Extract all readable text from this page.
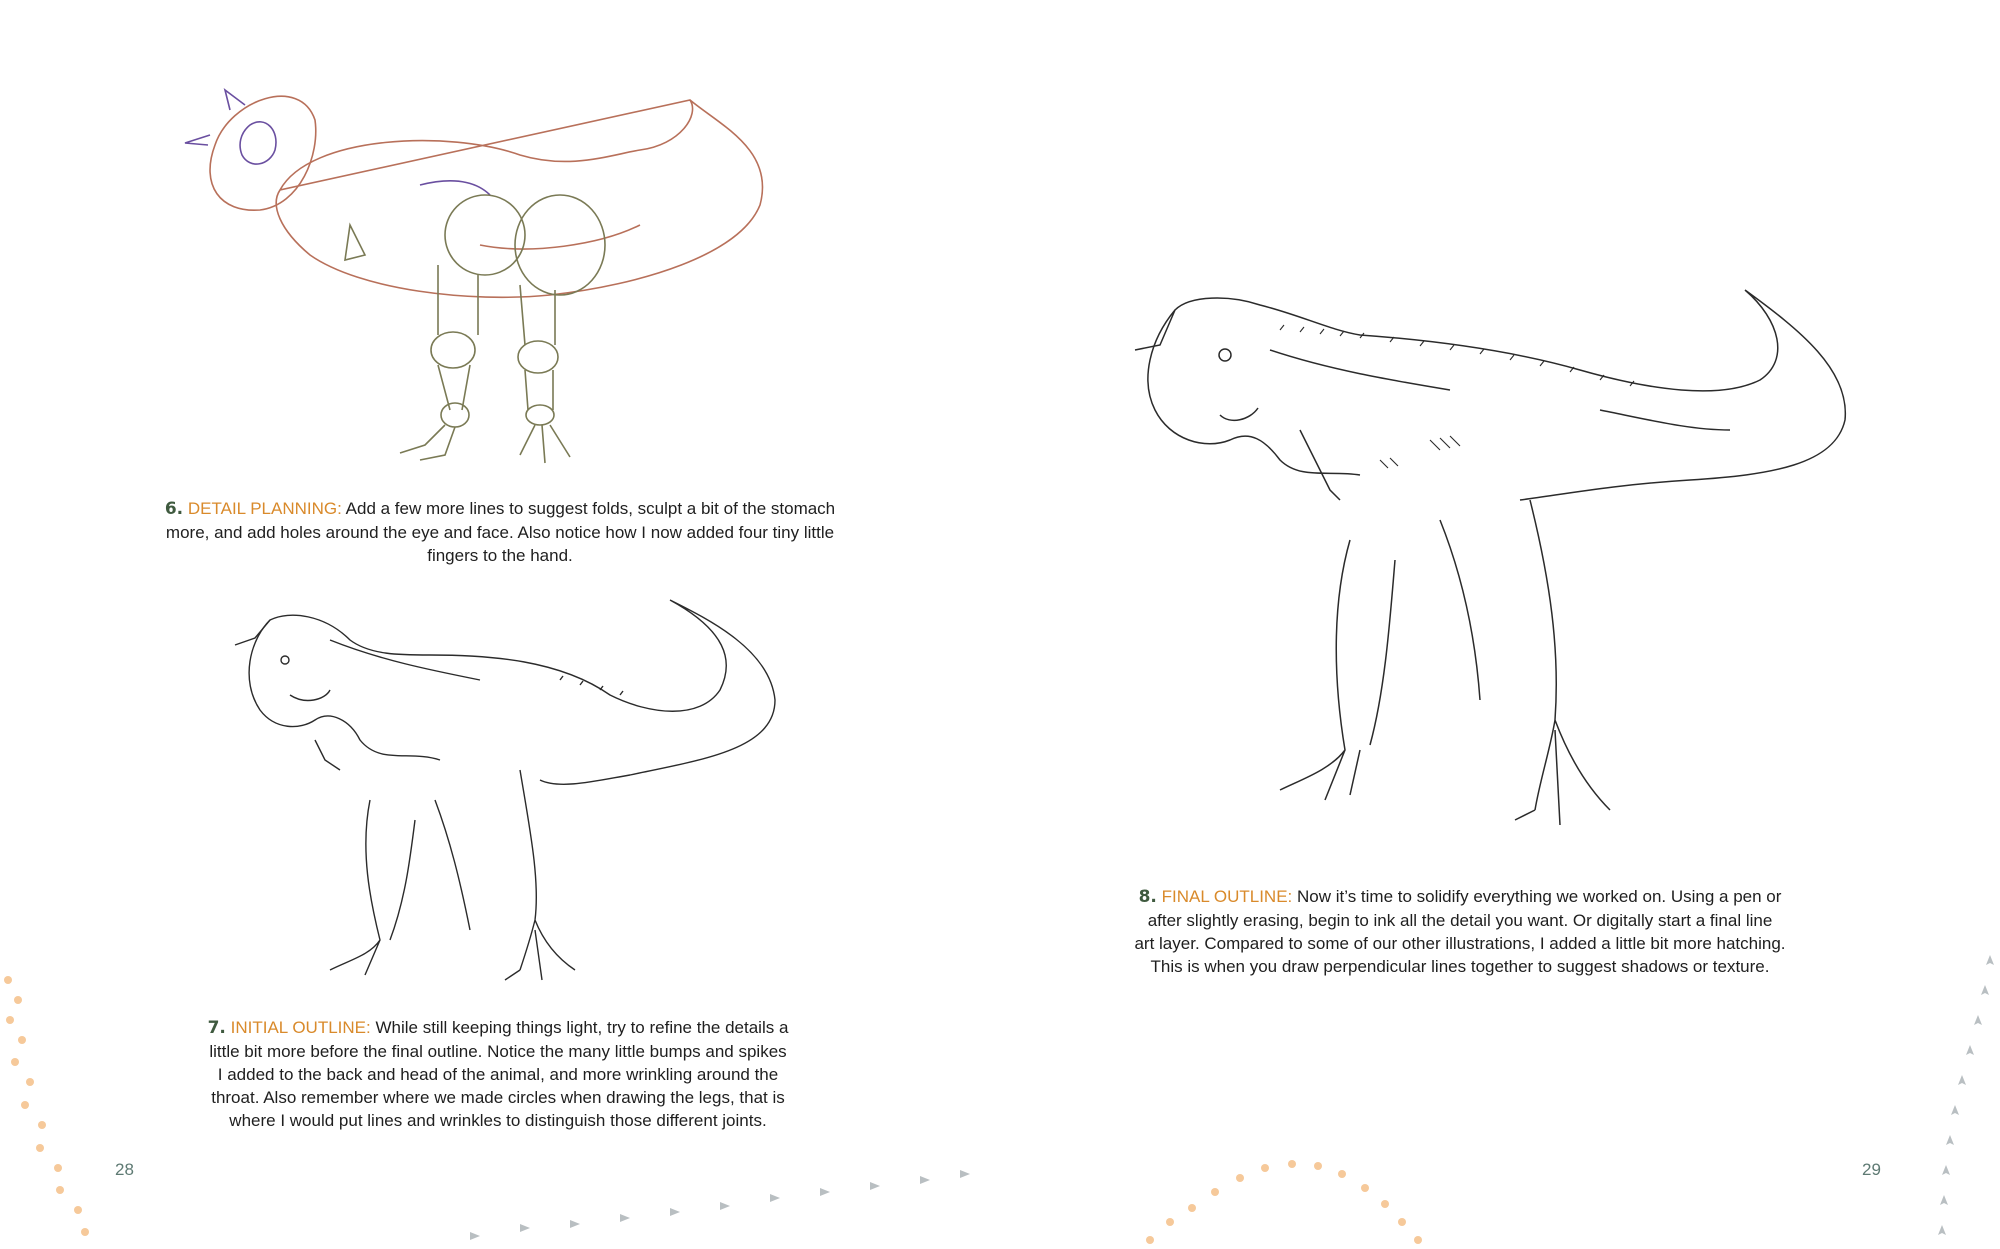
6. DETAIL PLANNING: Add a few more lines to suggest folds, sculpt a bit of the stomach
more, and add holes around the eye and face. Also notice how I now added four tiny little
fingers to the hand.
7. INITIAL OUTLINE: While still keeping things light, try to refine the details a
little bit more before the final outline. Notice the many little bumps and spikes
I added to the back and head of the animal, and more wrinkling around the
throat. Also remember where we made circles when drawing the legs, that is
where I would put lines and wrinkles to distinguish those different joints.
28
8. FINAL OUTLINE: Now it’s time to solidify everything we worked on. Using a pen or
after slightly erasing, begin to ink all the detail you want. Or digitally start a final line
art layer. Compared to some of our other illustrations, I added a little bit more hatching.
This is when you draw perpendicular lines together to suggest shadows or texture.
29
